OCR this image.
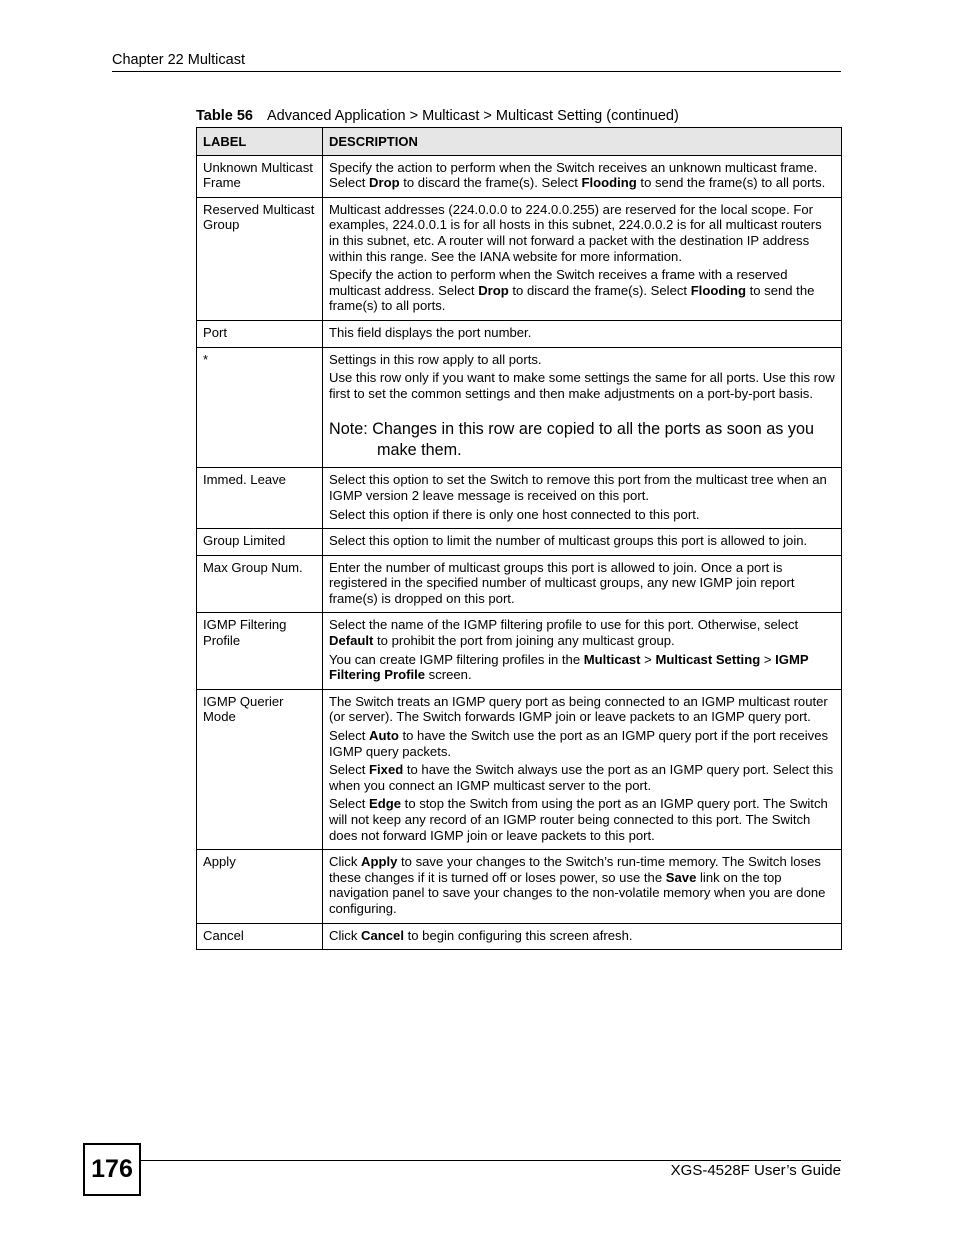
Chapter 22 Multicast
Table 56 Advanced Application > Multicast > Multicast Setting (continued)
LABEL	DESCRIPTION
Unknown Multicast Frame	Specify the action to perform when the Switch receives an unknown multicast frame. Select Drop to discard the frame(s). Select Flooding to send the frame(s) to all ports.

Reserved Multicast Group	Multicast addresses (224.0.0.0 to 224.0.0.255) are reserved for the local scope. For examples, 224.0.0.1 is for all hosts in this subnet, 224.0.0.2 is for all multicast routers in this subnet, etc. A router will not forward a packet with the destination IP address within this range. See the IANA website for more information.
Specify the action to perform when the Switch receives a frame with a reserved multicast address. Select Drop to discard the frame(s). Select Flooding to send the frame(s) to all ports.

Port	This field displays the port number.

*	Settings in this row apply to all ports.
Use this row only if you want to make some settings the same for all ports. Use this row first to set the common settings and then make adjustments on a port-by-port basis.
Note: Changes in this row are copied to all the ports as soon as you make them.

Immed. Leave	Select this option to set the Switch to remove this port from the multicast tree when an IGMP version 2 leave message is received on this port.
Select this option if there is only one host connected to this port.

Group Limited	Select this option to limit the number of multicast groups this port is allowed to join.

Max Group Num.	Enter the number of multicast groups this port is allowed to join. Once a port is registered in the specified number of multicast groups, any new IGMP join report frame(s) is dropped on this port.

IGMP Filtering Profile	Select the name of the IGMP filtering profile to use for this port. Otherwise, select Default to prohibit the port from joining any multicast group.
You can create IGMP filtering profiles in the Multicast > Multicast Setting > IGMP Filtering Profile screen.

IGMP Querier Mode	The Switch treats an IGMP query port as being connected to an IGMP multicast router (or server). The Switch forwards IGMP join or leave packets to an IGMP query port.
Select Auto to have the Switch use the port as an IGMP query port if the port receives IGMP query packets.
Select Fixed to have the Switch always use the port as an IGMP query port. Select this when you connect an IGMP multicast server to the port.
Select Edge to stop the Switch from using the port as an IGMP query port. The Switch will not keep any record of an IGMP router being connected to this port. The Switch does not forward IGMP join or leave packets to this port.

Apply	Click Apply to save your changes to the Switch’s run-time memory. The Switch loses these changes if it is turned off or loses power, so use the Save link on the top navigation panel to save your changes to the non-volatile memory when you are done configuring.

Cancel	Click Cancel to begin configuring this screen afresh.
176	XGS-4528F User’s Guide
